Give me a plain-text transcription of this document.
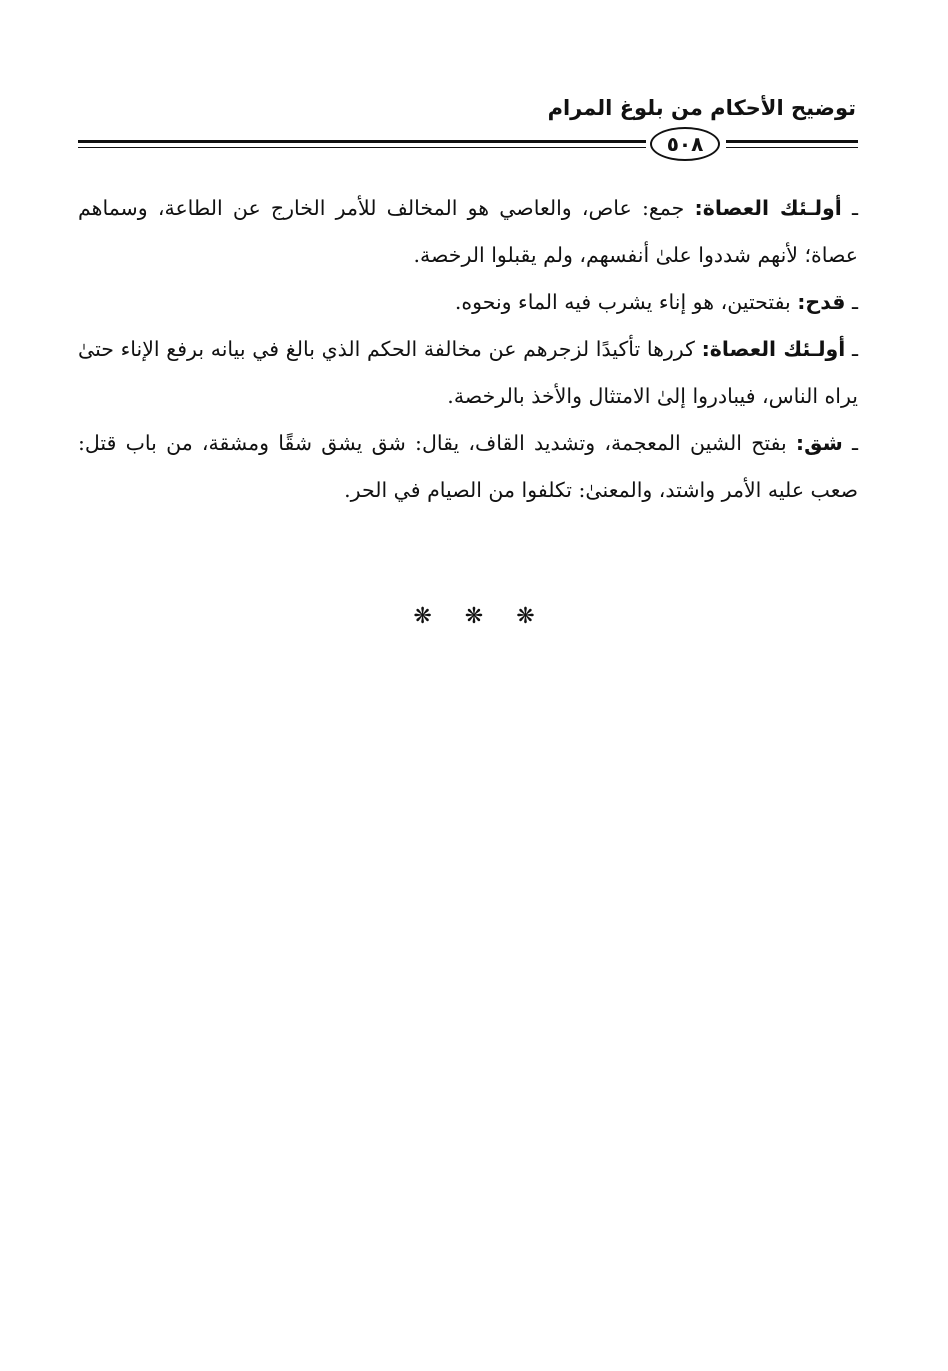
توضيح الأحكام من بلوغ المرام
٥٠٨

ـ أولـئك العصاة: جمع: عاص، والعاصي هو المخالف للأمر الخارج عن الطاعة، وسماهم عصاة؛ لأنهم شددوا علىٰ أنفسهم، ولم يقبلوا الرخصة.

ـ قدح: بفتحتين، هو إناء يشرب فيه الماء ونحوه.

ـ أولـئك العصاة: كررها تأكيدًا لزجرهم عن مخالفة الحكم الذي بالغ في بيانه برفع الإناء حتىٰ يراه الناس، فيبادروا إلىٰ الامتثال والأخذ بالرخصة.

ـ شق: بفتح الشين المعجمة، وتشديد القاف، يقال: شق يشق شقًا ومشقة، من باب قتل: صعب عليه الأمر واشتد، والمعنىٰ: تكلفوا من الصيام في الحر.

❋ ❋ ❋
